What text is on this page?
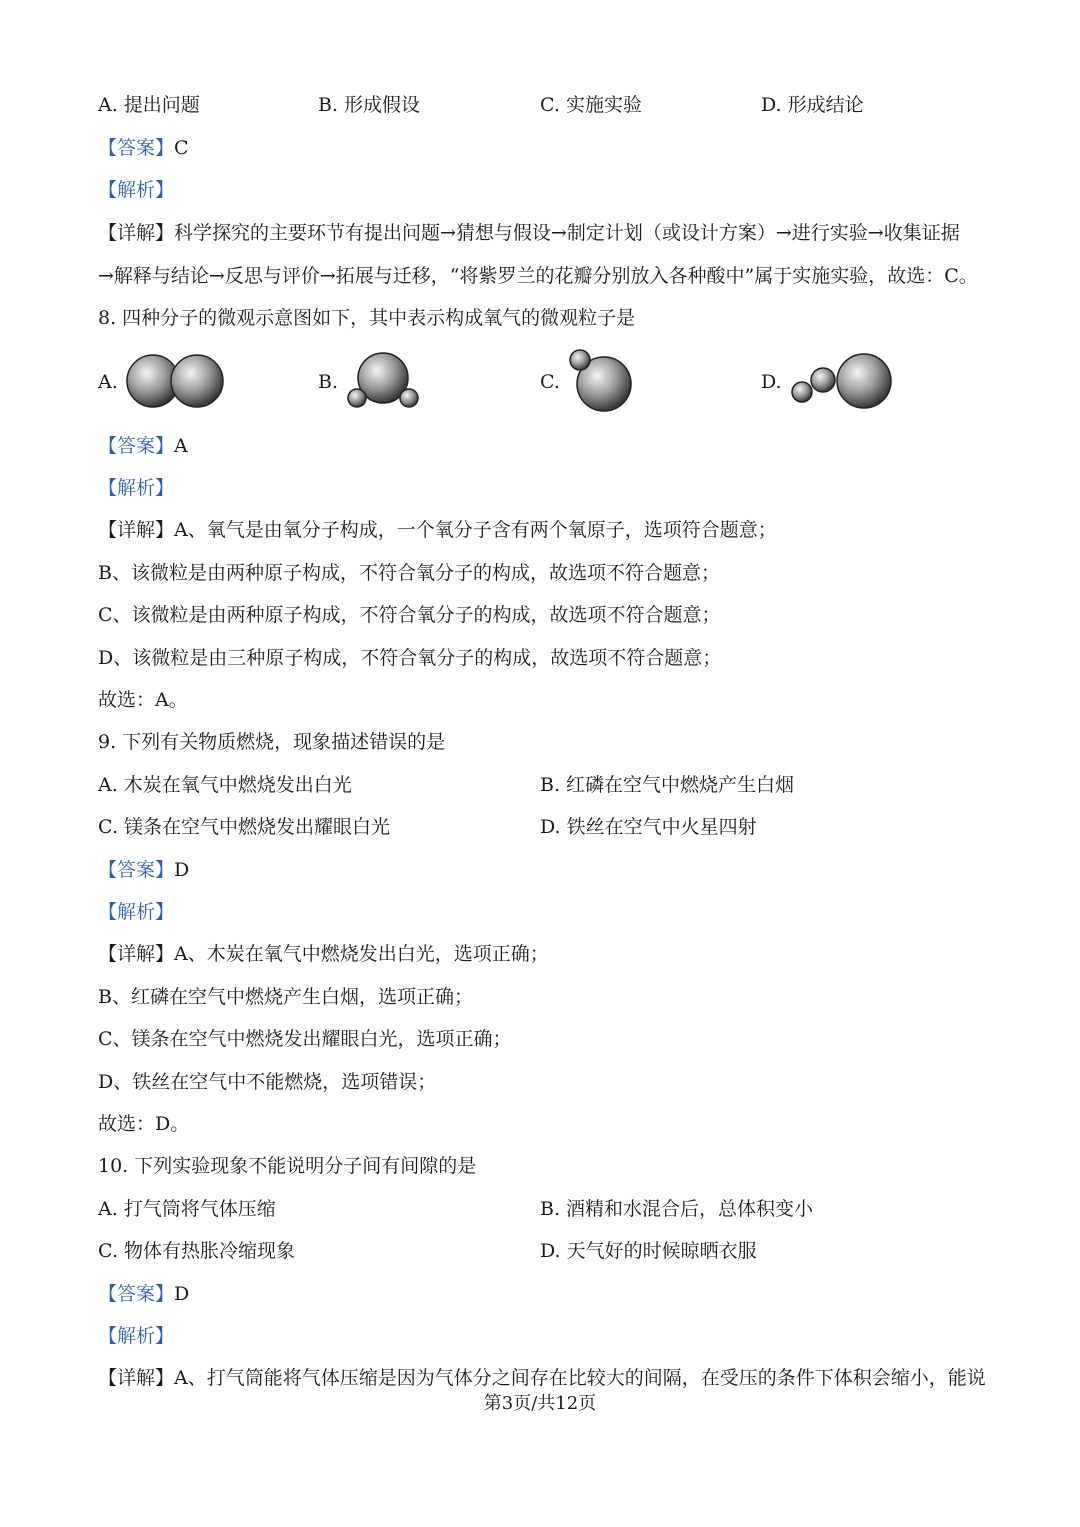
A. 提出问题	B. 形成假设	C. 实施实验	D. 形成结论
【答案】C
【解析】
【详解】科学探究的主要环节有提出问题→猜想与假设→制定计划（或设计方案）→进行实验→收集证据
→解释与结论→反思与评价→拓展与迁移，“将紫罗兰的花瓣分别放入各种酸中”属于实施实验，故选：C。
8. 四种分子的微观示意图如下，其中表示构成氧气的微观粒子是
A.	B.	C.	D.
【答案】A
【解析】
【详解】A、氧气是由氧分子构成，一个氧分子含有两个氧原子，选项符合题意；
B、该微粒是由两种原子构成，不符合氧分子的构成，故选项不符合题意；
C、该微粒是由两种原子构成，不符合氧分子的构成，故选项不符合题意；
D、该微粒是由三种原子构成，不符合氧分子的构成，故选项不符合题意；
故选：A。
9. 下列有关物质燃烧，现象描述错误的是
A. 木炭在氧气中燃烧发出白光	B. 红磷在空气中燃烧产生白烟
C. 镁条在空气中燃烧发出耀眼白光	D. 铁丝在空气中火星四射
【答案】D
【解析】
【详解】A、木炭在氧气中燃烧发出白光，选项正确；
B、红磷在空气中燃烧产生白烟，选项正确；
C、镁条在空气中燃烧发出耀眼白光，选项正确；
D、铁丝在空气中不能燃烧，选项错误；
故选：D。
10. 下列实验现象不能说明分子间有间隙的是
A. 打气筒将气体压缩	B. 酒精和水混合后，总体积变小
C. 物体有热胀冷缩现象	D. 天气好的时候晾晒衣服
【答案】D
【解析】
【详解】A、打气筒能将气体压缩是因为气体分之间存在比较大的间隔，在受压的条件下体积会缩小，能说
第3页/共12页
